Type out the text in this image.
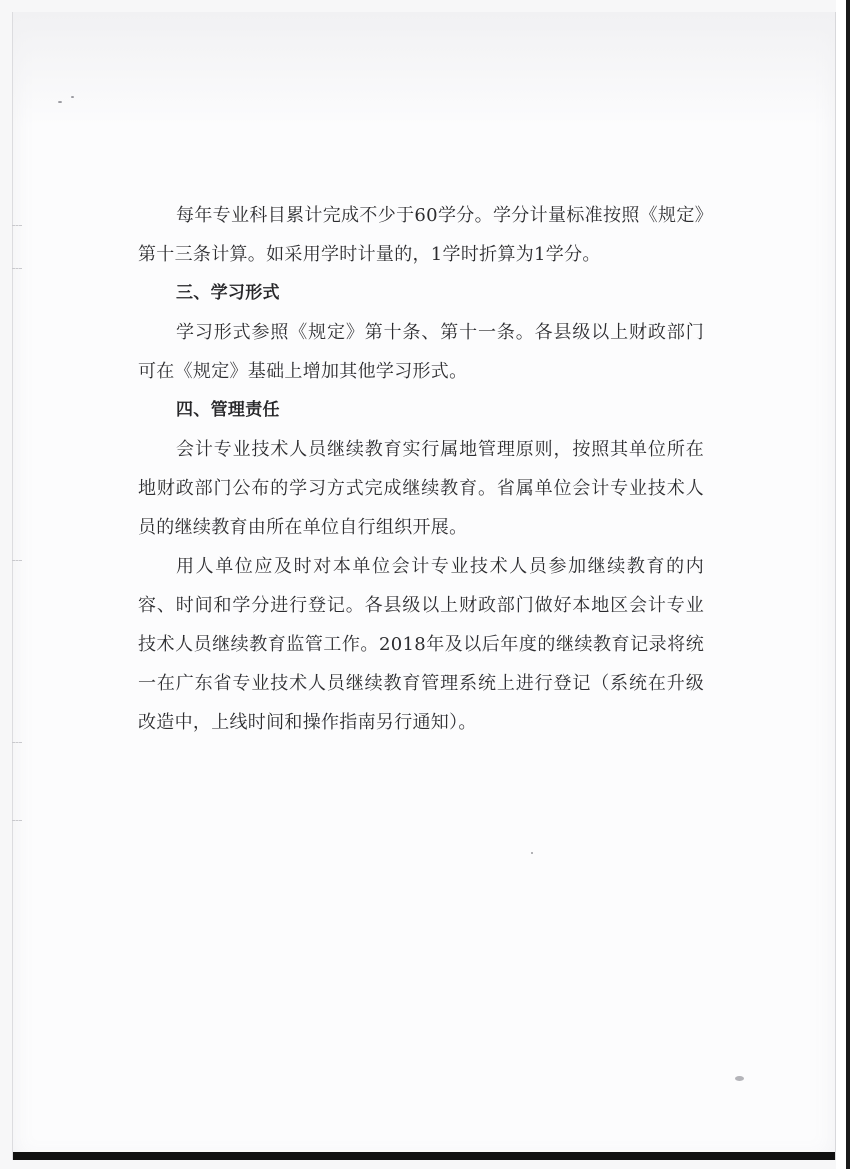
每年专业科目累计完成不少于60学分。学分计量标准按照《规定》第十三条计算。如采用学时计量的，1学时折算为1学分。

三、学习形式

学习形式参照《规定》第十条、第十一条。各县级以上财政部门可在《规定》基础上增加其他学习形式。

四、管理责任

会计专业技术人员继续教育实行属地管理原则，按照其单位所在地财政部门公布的学习方式完成继续教育。省属单位会计专业技术人员的继续教育由所在单位自行组织开展。

用人单位应及时对本单位会计专业技术人员参加继续教育的内容、时间和学分进行登记。各县级以上财政部门做好本地区会计专业技术人员继续教育监管工作。2018年及以后年度的继续教育记录将统一在广东省专业技术人员继续教育管理系统上进行登记（系统在升级改造中，上线时间和操作指南另行通知）。
